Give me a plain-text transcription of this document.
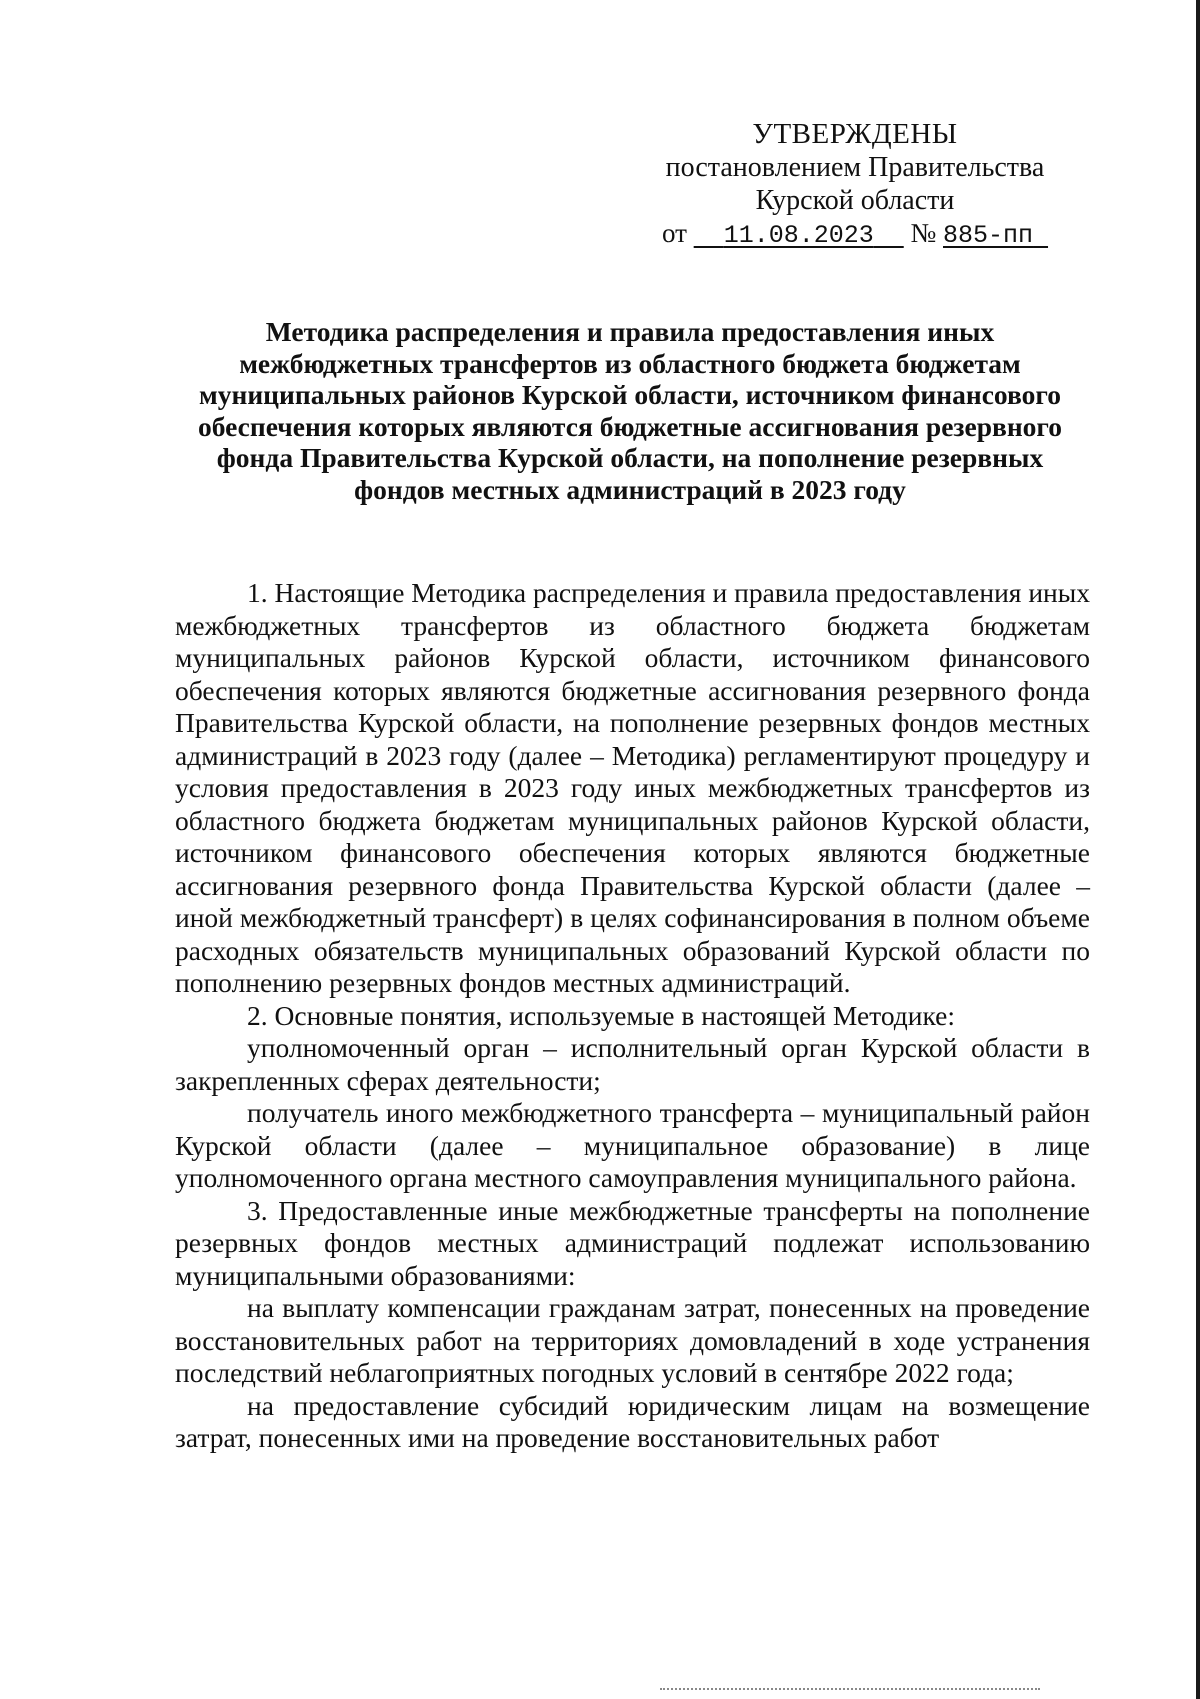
УТВЕРЖДЕНЫ
постановлением Правительства
Курской области
от 11.08.2023 № 885-пп
Методика распределения и правила предоставления иных межбюджетных трансфертов из областного бюджета бюджетам муниципальных районов Курской области, источником финансового обеспечения которых являются бюджетные ассигнования резервного фонда Правительства Курской области, на пополнение резервных фондов местных администраций в 2023 году

1. Настоящие Методика распределения и правила предоставления иных межбюджетных трансфертов из областного бюджета бюджетам муниципальных районов Курской области, источником финансового обеспечения которых являются бюджетные ассигнования резервного фонда Правительства Курской области, на пополнение резервных фондов местных администраций в 2023 году (далее – Методика) регламентируют процедуру и условия предоставления в 2023 году иных межбюджетных трансфертов из областного бюджета бюджетам муниципальных районов Курской области, источником финансового обеспечения которых являются бюджетные ассигнования резервного фонда Правительства Курской области (далее – иной межбюджетный трансферт) в целях софинансирования в полном объеме расходных обязательств муниципальных образований Курской области по пополнению резервных фондов местных администраций.

2. Основные понятия, используемые в настоящей Методике:

уполномоченный орган – исполнительный орган Курской области в закрепленных сферах деятельности;

получатель иного межбюджетного трансферта – муниципальный район Курской области (далее – муниципальное образование) в лице уполномоченного органа местного самоуправления муниципального района.

3. Предоставленные иные межбюджетные трансферты на пополнение резервных фондов местных администраций подлежат использованию муниципальными образованиями:

на выплату компенсации гражданам затрат, понесенных на проведение восстановительных работ на территориях домовладений в ходе устранения последствий неблагоприятных погодных условий в сентябре 2022 года;

на предоставление субсидий юридическим лицам на возмещение затрат, понесенных ими на проведение восстановительных работ
